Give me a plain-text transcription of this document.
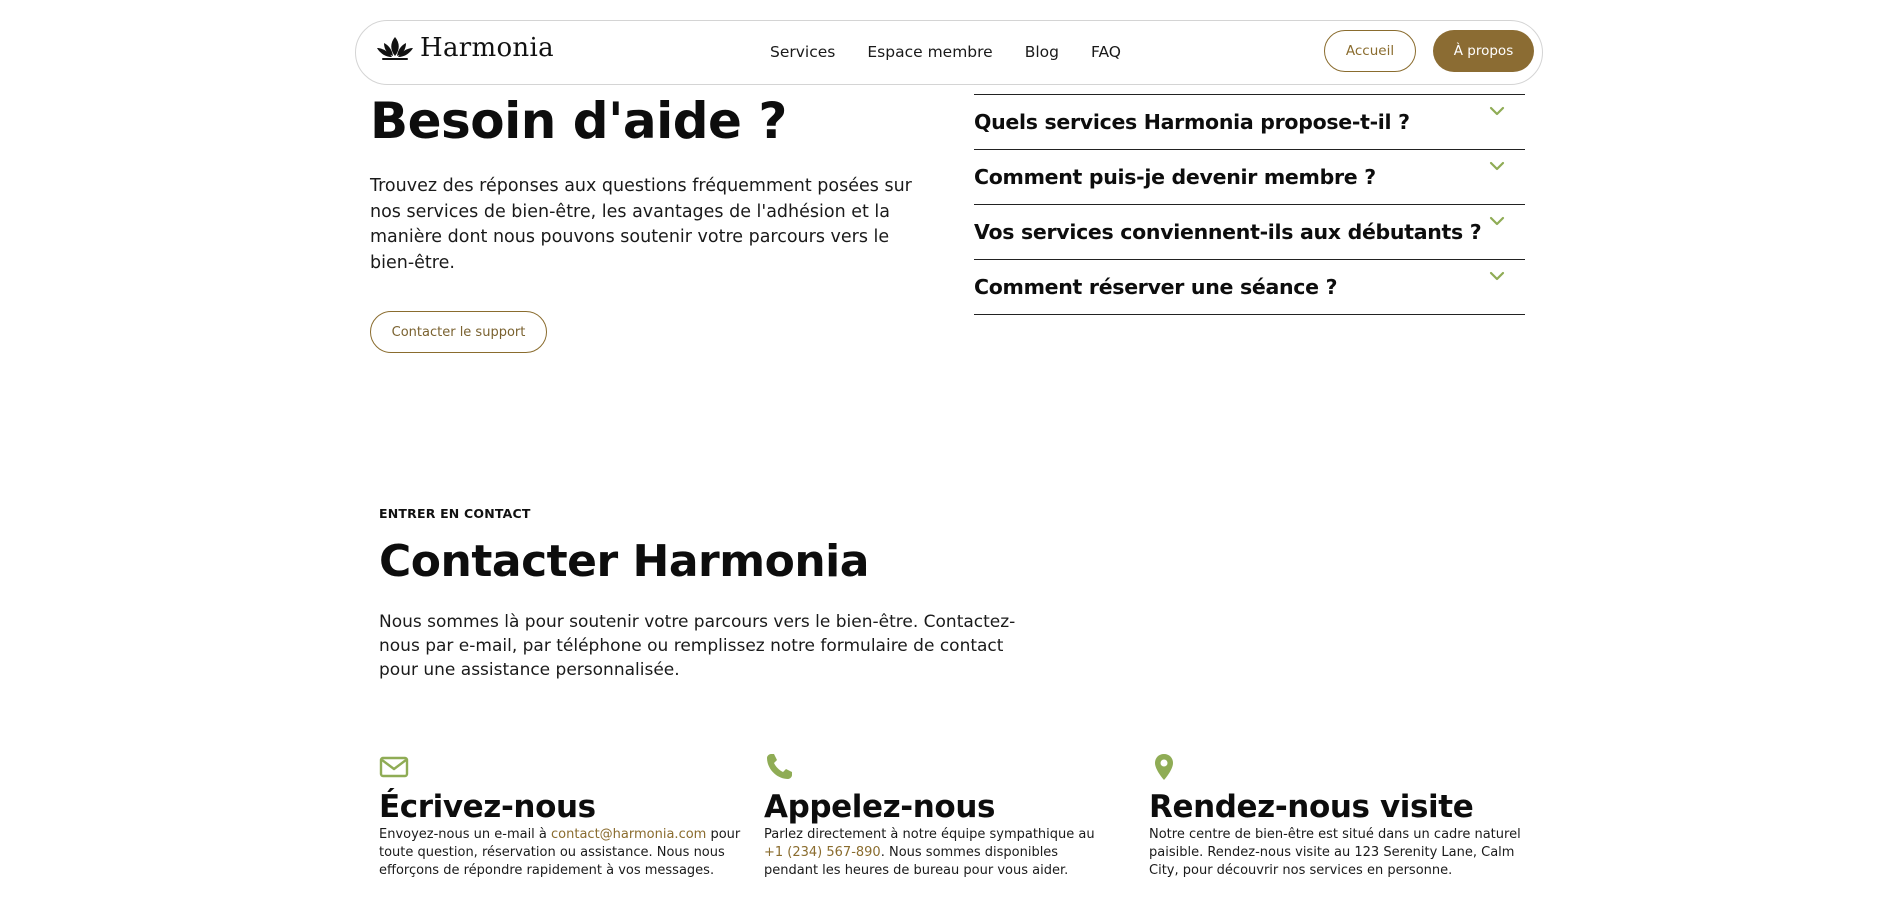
Harmonia	Services Espace membre Blog FAQ	Accueil	À propos
Besoin d'aide ?

Trouvez des réponses aux questions fréquemment posées sur nos services de bien-être, les avantages de l'adhésion et la manière dont nous pouvons soutenir votre parcours vers le bien-être.

Contacter le support
Quels services Harmonia propose-t-il ?
Comment puis-je devenir membre ?
Vos services conviennent-ils aux débutants ?
Comment réserver une séance ?
ENTRER EN CONTACT
Contacter Harmonia

Nous sommes là pour soutenir votre parcours vers le bien-être. Contactez-nous par e-mail, par téléphone ou remplissez notre formulaire de contact pour une assistance personnalisée.

Écrivez-nous

Envoyez-nous un e-mail à contact@harmonia.com pour toute question, réservation ou assistance. Nous nous efforçons de répondre rapidement à vos messages.

Appelez-nous

Parlez directement à notre équipe sympathique au +1 (234) 567-890. Nous sommes disponibles pendant les heures de bureau pour vous aider.

Rendez-nous visite

Notre centre de bien-être est situé dans un cadre naturel paisible. Rendez-nous visite au 123 Serenity Lane, Calm City, pour découvrir nos services en personne.
